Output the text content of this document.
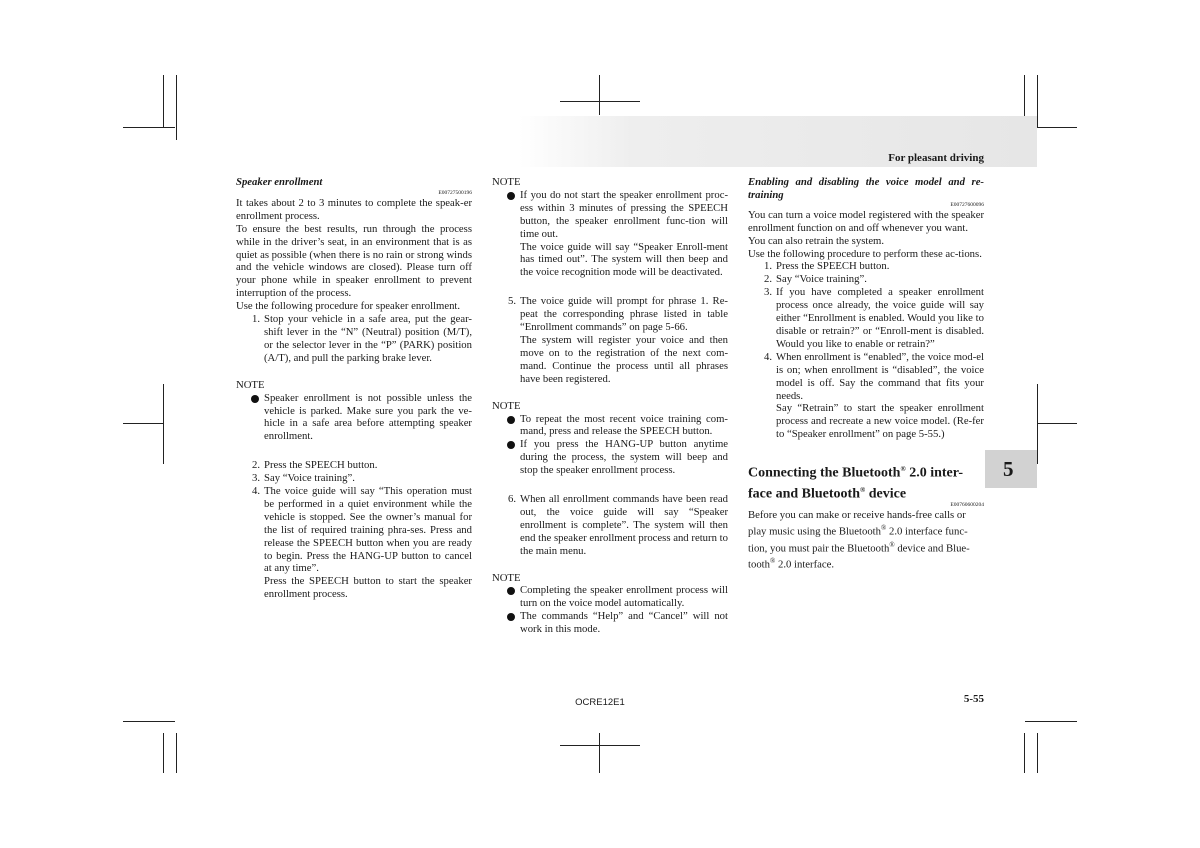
For pleasant driving
5

Speaker enrollment

E00727500196

It takes about 2 to 3 minutes to complete the speak-er enrollment process.

To ensure the best results, run through the process while in the driver’s seat, in an environment that is as quiet as possible (when there is no rain or strong winds and the vehicle windows are closed). Please turn off your phone while in speaker enrollment to prevent interruption of the process.

Use the following procedure for speaker enrollment.

1. Stop your vehicle in a safe area, put the gear-shift lever in the “N” (Neutral) position (M/T), or the selector lever in the “P” (PARK) position (A/T), and pull the parking brake lever.

NOTE

Speaker enrollment is not possible unless the vehicle is parked. Make sure you park the ve-hicle in a safe area before attempting speaker enrollment.

2. Press the SPEECH button.

3. Say “Voice training”.

4. The voice guide will say “This operation must be performed in a quiet environment while the vehicle is stopped. See the owner’s manual for the list of required training phra-ses. Press and release the SPEECH button when you are ready to begin. Press the HANG-UP button to cancel at any time”.

Press the SPEECH button to start the speaker enrollment process.

NOTE

If you do not start the speaker enrollment proc-ess within 3 minutes of pressing the SPEECH button, the speaker enrollment func-tion will time out.

The voice guide will say “Speaker Enroll-ment has timed out”. The system will then beep and the voice recognition mode will be deactivated.

5. The voice guide will prompt for phrase 1. Re-peat the corresponding phrase listed in table “Enrollment commands” on page 5-66.

The system will register your voice and then move on to the registration of the next com-mand. Continue the process until all phrases have been registered.

NOTE

To repeat the most recent voice training com-mand, press and release the SPEECH button.

If you press the HANG-UP button anytime during the process, the system will beep and stop the speaker enrollment process.

6. When all enrollment commands have been read out, the voice guide will say “Speaker enrollment is complete”. The system will then end the speaker enrollment process and return to the main menu.

NOTE

Completing the speaker enrollment process will turn on the voice model automatically.

The commands “Help” and “Cancel” will not work in this mode.

Enabling and disabling the voice model and re-training

E00727600096

You can turn a voice model registered with the speaker enrollment function on and off whenever you want.

You can also retrain the system.

Use the following procedure to perform these ac-tions.

1. Press the SPEECH button.

2. Say “Voice training”.

3. If you have completed a speaker enrollment process once already, the voice guide will say either “Enrollment is enabled. Would you like to disable or retrain?” or “Enroll-ment is disabled. Would you like to enable or retrain?”

4. When enrollment is “enabled”, the voice mod-el is on; when enrollment is “disabled”, the voice model is off. Say the command that fits your needs.

Say “Retrain” to start the speaker enrollment process and recreate a new voice model. (Re-fer to “Speaker enrollment” on page 5-55.)

Connecting the Bluetooth® 2.0 inter-face and Bluetooth® device

E00760600204

Before you can make or receive hands-free calls or play music using the Bluetooth® 2.0 interface func-tion, you must pair the Bluetooth® device and Blue-tooth® 2.0 interface.

OCRE12E1	5-55
